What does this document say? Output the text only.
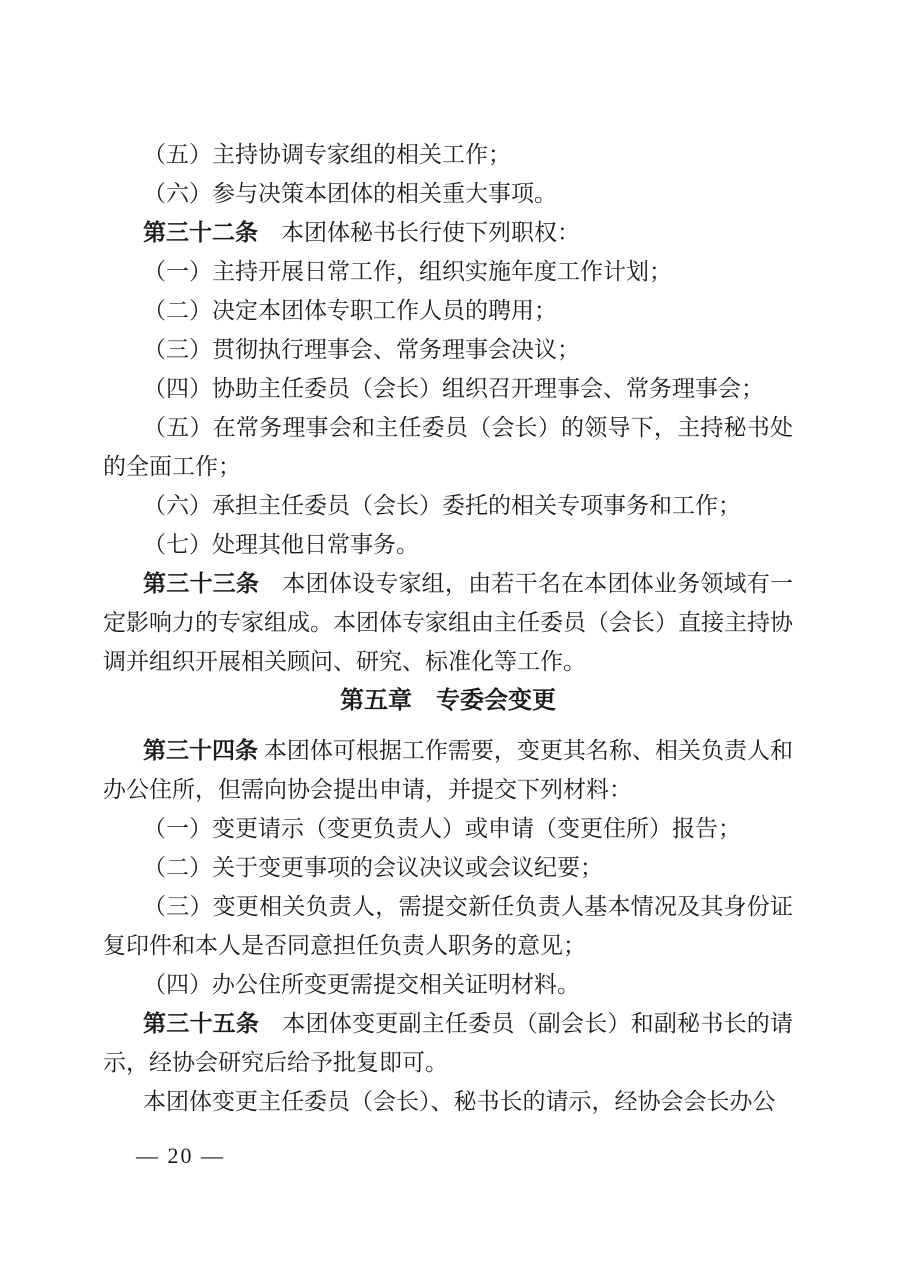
（五）主持协调专家组的相关工作；

（六）参与决策本团体的相关重大事项。

第三十二条　本团体秘书长行使下列职权：

（一）主持开展日常工作，组织实施年度工作计划；

（二）决定本团体专职工作人员的聘用；

（三）贯彻执行理事会、常务理事会决议；

（四）协助主任委员（会长）组织召开理事会、常务理事会；

（五）在常务理事会和主任委员（会长）的领导下，主持秘书处的全面工作；

（六）承担主任委员（会长）委托的相关专项事务和工作；

（七）处理其他日常事务。

第三十三条　本团体设专家组，由若干名在本团体业务领域有一定影响力的专家组成。本团体专家组由主任委员（会长）直接主持协调并组织开展相关顾问、研究、标准化等工作。

第五章　专委会变更

第三十四条 本团体可根据工作需要，变更其名称、相关负责人和办公住所，但需向协会提出申请，并提交下列材料：

（一）变更请示（变更负责人）或申请（变更住所）报告；

（二）关于变更事项的会议决议或会议纪要；

（三）变更相关负责人，需提交新任负责人基本情况及其身份证复印件和本人是否同意担任负责人职务的意见；

（四）办公住所变更需提交相关证明材料。

第三十五条　本团体变更副主任委员（副会长）和副秘书长的请示，经协会研究后给予批复即可。

本团体变更主任委员（会长）、秘书长的请示，经协会会长办公

— 20 —
